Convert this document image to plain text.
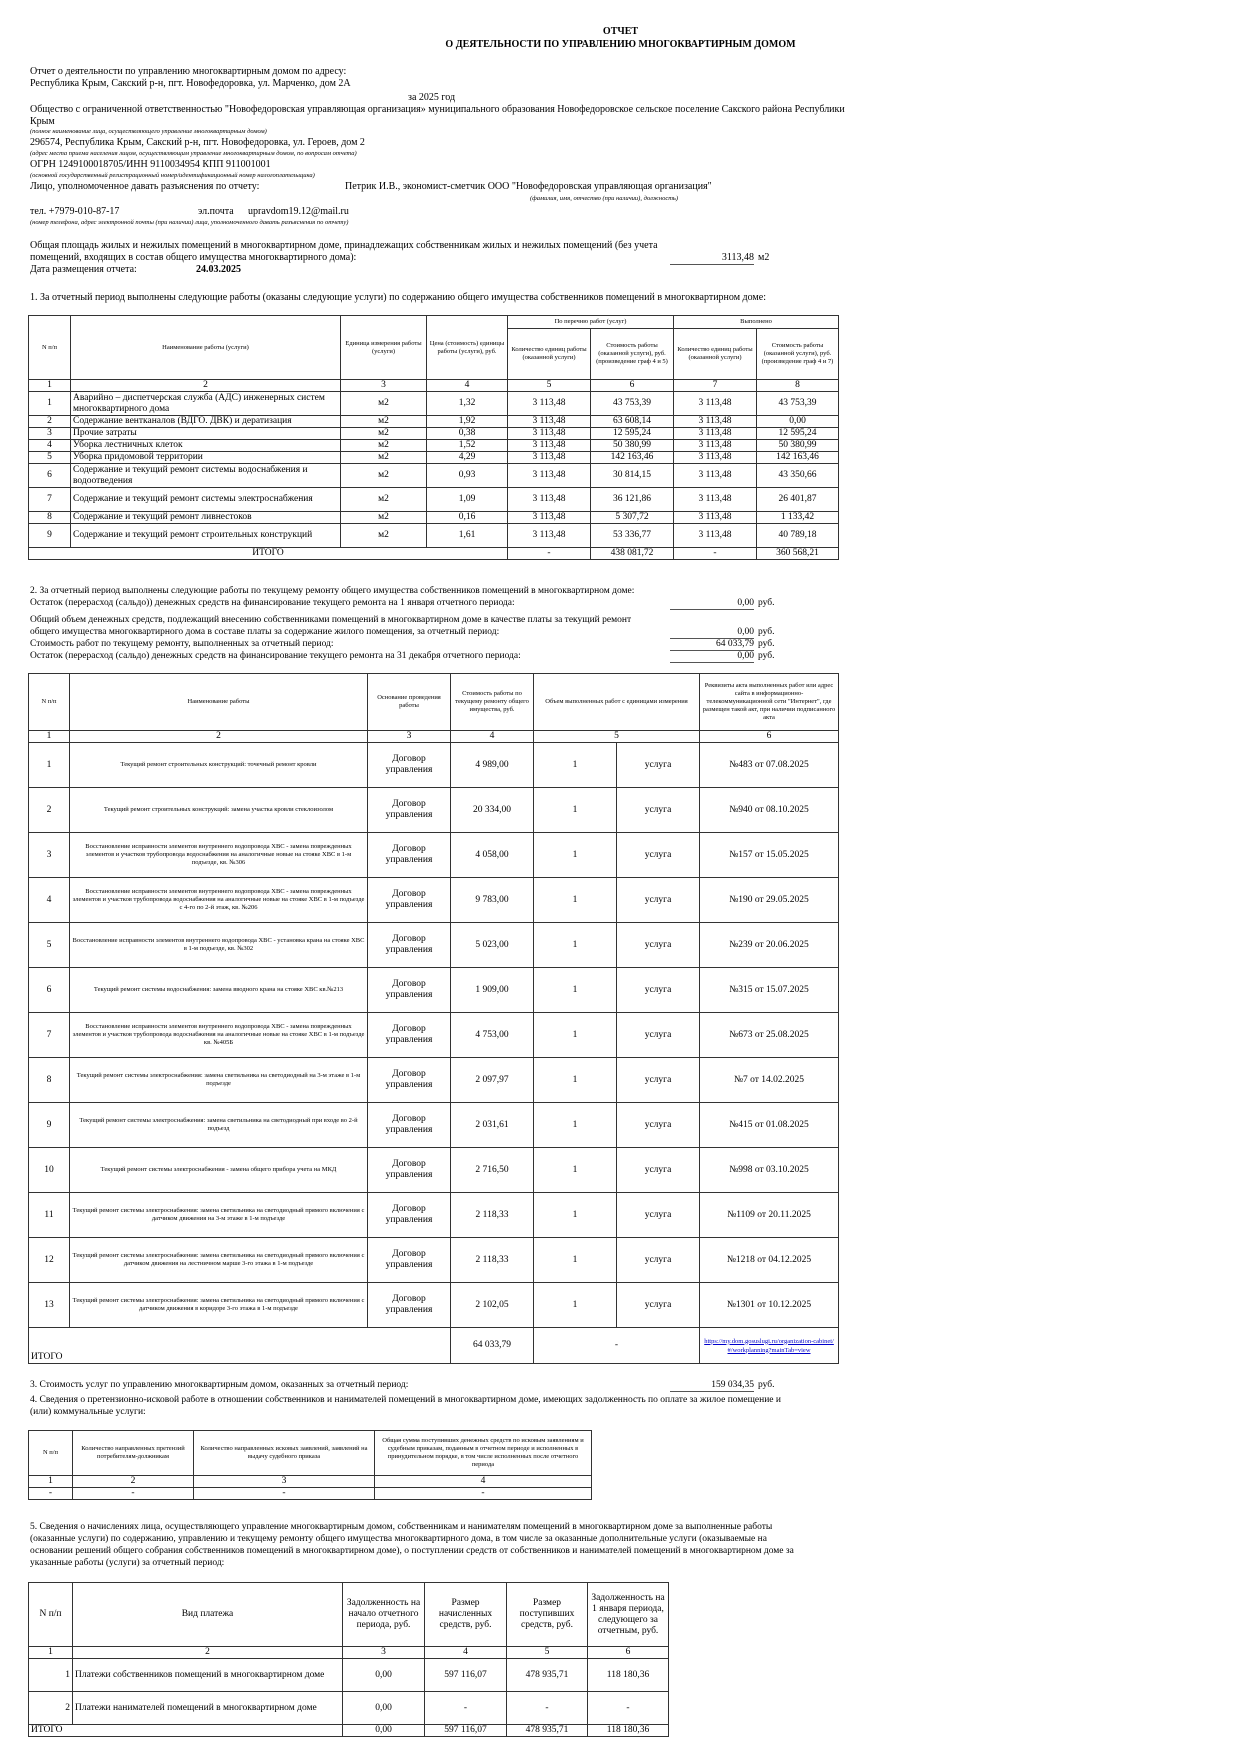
ОТЧЕТ
О ДЕЯТЕЛЬНОСТИ ПО УПРАВЛЕНИЮ МНОГОКВАРТИРНЫМ ДОМОМ
Отчет о деятельности по управлению многоквартирным домом по адресу:
Республика Крым, Сакский р-н, пгт. Новофедоровка, ул. Марченко, дом 2А
за 2025 год
Общество с ограниченной ответственностью "Новофедоровская управляющая организация» муниципального образования Новофедоровское сельское поселение Сакского района Республики
Крым
(полное наименование лица, осуществляющего управление многоквартирным домом)
296574, Республика Крым, Сакский р-н, пгт. Новофедоровка, ул. Героев, дом 2
(адрес места приема населения лицом, осуществляющим управление многоквартирным домом, по вопросам отчета)
ОГРН 1249100018705/ИНН 9110034954 КПП 911001001
(основной государственный регистрационный номер/идентификационный номер налогоплательщика)
Лицо, уполномоченное давать разъяснения по отчету:	Петрик И.В., экономист-сметчик ООО "Новофедоровская управляющая организация"
(фамилия, имя, отчество (при наличии), должность)
тел. +7979-010-87-17	эл.почта upravdom19.12@mail.ru
(номер телефона, адрес электронной почты (при наличии) лица, уполномоченного давать разъяснения по отчету)
Общая площадь жилых и нежилых помещений в многоквартирном доме, принадлежащих собственникам жилых и нежилых помещений (без учета
помещений, входящих в состав общего имущества многоквартирного дома):	3113,48 м2
Дата размещения отчета:	24.03.2025
1. За отчетный период выполнены следующие работы (оказаны следующие услуги) по содержанию общего имущества собственников помещений в многоквартирном доме:
N п/п	Наименование работы (услуги)	Единица измерения работы (услуги)	Цена (стоимость) единицы работы (услуги), руб.	По перечню работ (услуг)		Выполнено	
				Количество единиц работы (оказанной услуги)	Стоимость работы (оказанной услуги), руб. (произведение граф 4 и 5)	Количество единиц работы (оказанной услуги)	Стоимость работы (оказанной услуги), руб. (произведение граф 4 и 7)
1	2	3	4	5	6	7	8
1	Аварийно – диспетчерская служба (АДС) инженерных систем многоквартирного дома	м2	1,32	3 113,48	43 753,39	3 113,48	43 753,39
2	Содержание вентканалов (ВДГО. ДВК) и дератизация	м2	1,92	3 113,48	63 608,14	3 113,48	0,00
3	Прочие затраты	м2	0,38	3 113,48	12 595,24	3 113,48	12 595,24
4	Уборка лестничных клеток	м2	1,52	3 113,48	50 380,99	3 113,48	50 380,99
5	Уборка придомовой территории	м2	4,29	3 113,48	142 163,46	3 113,48	142 163,46
6	Содержание и текущий ремонт системы водоснабжения и водоотведения	м2	0,93	3 113,48	30 814,15	3 113,48	43 350,66
7	Содержание и текущий ремонт системы электроснабжения	м2	1,09	3 113,48	36 121,86	3 113,48	26 401,87
8	Содержание и текущий ремонт ливнестоков	м2	0,16	3 113,48	5 307,72	3 113,48	1 133,42
9	Содержание и текущий ремонт строительных конструкций	м2	1,61	3 113,48	53 336,77	3 113,48	40 789,18
ИТОГО				-	438 081,72	-	360 568,21
2. За отчетный период выполнены следующие работы по текущему ремонту общего имущества собственников помещений в многоквартирном доме:
Остаток (перерасход (сальдо)) денежных средств на финансирование текущего ремонта на 1 января отчетного периода:	0,00 руб.
Общий объем денежных средств, подлежащий внесению собственниками помещений в многоквартирном доме в качестве платы за текущий ремонт
общего имущества многоквартирного дома в составе платы за содержание жилого помещения, за отчетный период:	0,00 руб.
Стоимость работ по текущему ремонту, выполненных за отчетный период:	64 033,79 руб.
Остаток (перерасход (сальдо) денежных средств на финансирование текущего ремонта на 31 декабря отчетного периода:	0,00 руб.
N п/п	Наименование работы	Основание проведения работы	Стоимость работы по текущему ремонту общего имущества, руб.	Объем выполненных работ с единицами измерения		Реквизиты акта выполненных работ или адрес сайта в информационно-телекоммуникационной сети "Интернет", где размещен такой акт, при наличии подписанного акта
1	2	3	4	5		6
1	Текущий ремонт строительных конструкций: точечный ремонт кровли	Договор управления	4 989,00	1	услуга	№483 от 07.08.2025
2	Текущий ремонт строительных конструкций: замена участка кровли стеклоизолом	Договор управления	20 334,00	1	услуга	№940 от 08.10.2025
3	Восстановление исправности элементов внутреннего водопровода ХВС - замена поврежденных элементов и участков трубопровода водоснабжения на аналогичные новые на стояке ХВС в 1-м подъезде, кв. №306	Договор управления	4 058,00	1	услуга	№157 от 15.05.2025
4	Восстановление исправности элементов внутреннего водопровода ХВС - замена поврежденных элементов и участков трубопровода водоснабжения на аналогичные новые на стояке ХВС в 1-м подъезде с 4-го по 2-й этаж, кв. №206	Договор управления	9 783,00	1	услуга	№190 от 29.05.2025
5	Восстановление исправности элементов внутреннего водопровода ХВС - установка крана на стояке ХВС в 1-м подъезде, кв. №302	Договор управления	5 023,00	1	услуга	№239 от 20.06.2025
6	Текущий ремонт системы водоснабжения: замена вводного крана на стояке ХВС кв.№213	Договор управления	1 909,00	1	услуга	№315 от 15.07.2025
7	Восстановление исправности элементов внутреннего водопровода ХВС - замена поврежденных элементов и участков трубопровода водоснабжения на аналогичные новые на стояке ХВС в 1-м подъезде кв. №405Б	Договор управления	4 753,00	1	услуга	№673 от 25.08.2025
8	Текущий ремонт системы электроснабжения: замена светильника на светодиодный на 3-м этаже в 1-м подъезде	Договор управления	2 097,97	1	услуга	№7 от 14.02.2025
9	Текущий ремонт системы электроснабжения: замена светильника на светодиодный при входе во 2-й подъезд	Договор управления	2 031,61	1	услуга	№415 от 01.08.2025
10	Текущий ремонт системы электроснабжения - замена общего прибора учета на МКД	Договор управления	2 716,50	1	услуга	№998 от 03.10.2025
11	Текущий ремонт системы электроснабжения: замена светильника на светодиодный прямого включения с датчиком движения на 3-м этаже в 1-м подъезде	Договор управления	2 118,33	1	услуга	№1109 от 20.11.2025
12	Текущий ремонт системы электроснабжения: замена светильника на светодиодный прямого включения с датчиком движения на лестничном марше 3-го этажа в 1-м подъезде	Договор управления	2 118,33	1	услуга	№1218 от 04.12.2025
13	Текущий ремонт системы электроснабжения: замена светильника на светодиодный прямого включения с датчиком движения в коридоре 3-го этажа в 1-м подъезде	Договор управления	2 102,05	1	услуга	№1301 от 10.12.2025
ИТОГО			64 033,79	-		https://my.dom.gosuslugi.ru/organization-cabinet/#/workplanning?mainTab=view
3. Стоимость услуг по управлению многоквартирным домом, оказанных за отчетный период:	159 034,35 руб.
4. Сведения о претензионно-исковой работе в отношении собственников и нанимателей помещений в многоквартирном доме, имеющих задолженность по оплате за жилое помещение и
(или) коммунальные услуги:
N п/п	Количество направленных претензий потребителям-должникам	Количество направленных исковых заявлений, заявлений на выдачу судебного приказа	Общая сумма поступивших денежных средств по исковым заявлениям и судебным приказам, поданным в отчетном периоде и исполненных в принудительном порядке, в том числе исполненных после отчетного периода
1	2	3	4
-	-	-	-
5. Сведения о начислениях лица, осуществляющего управление многоквартирным домом, собственникам и нанимателям помещений в многоквартирном доме за выполненные работы
(оказанные услуги) по содержанию, управлению и текущему ремонту общего имущества многоквартирного дома, в том числе за оказанные дополнительные услуги (оказываемые на
основании решений общего собрания собственников помещений в многоквартирном доме), о поступлении средств от собственников и нанимателей помещений в многоквартирном доме за
указанные работы (услуги) за отчетный период:
N п/п	Вид платежа	Задолженность на начало отчетного периода, руб.	Размер начисленных средств, руб.	Размер поступивших средств, руб.	Задолженность на 1 января периода, следующего за отчетным, руб.
1	2	3	4	5	6
1	Платежи собственников помещений в многоквартирном доме	0,00	597 116,07	478 935,71	118 180,36
2	Платежи нанимателей помещений в многоквартирном доме	0,00	-	-	-
ИТОГО		0,00	597 116,07	478 935,71	118 180,36
